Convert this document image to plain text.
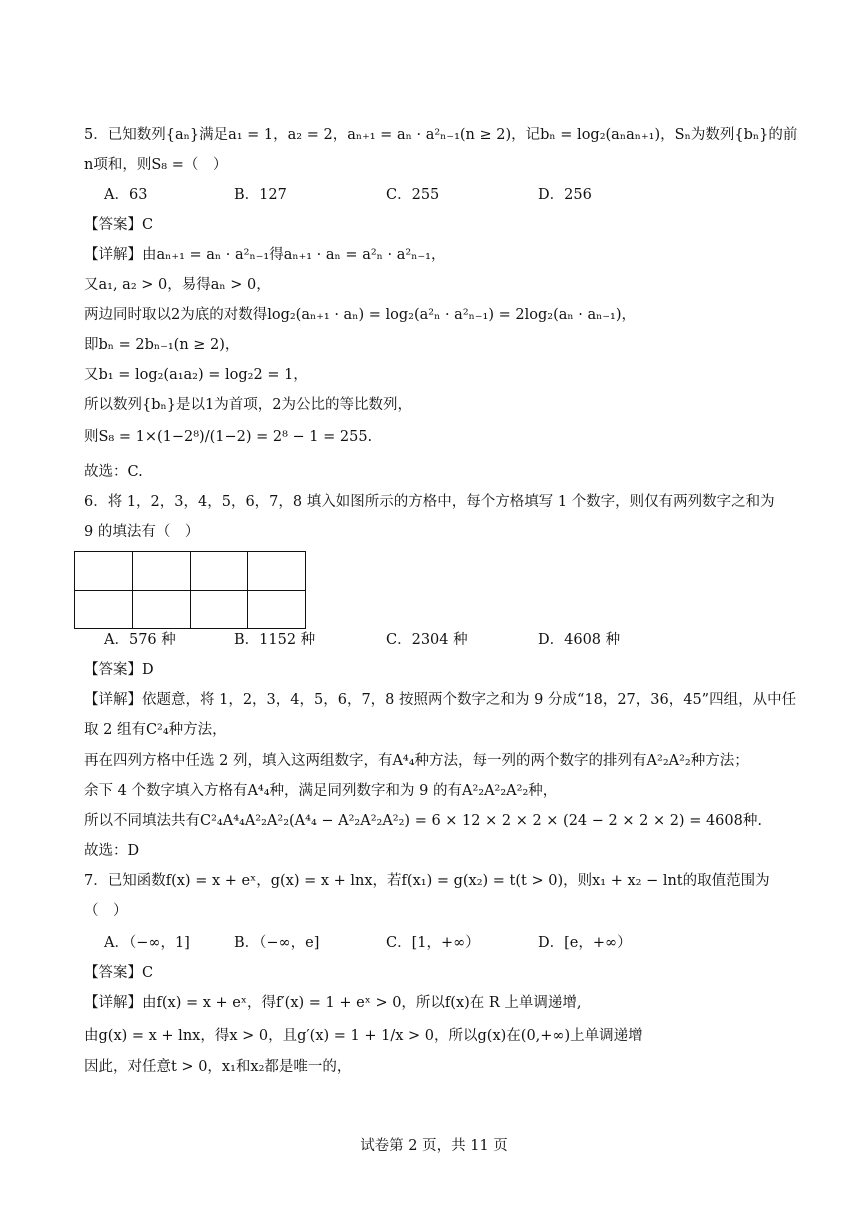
5．已知数列{aₙ}满足a₁ = 1，a₂ = 2，aₙ₊₁ = aₙ · a²ₙ₋₁(n ≥ 2)，记bₙ = log₂(aₙaₙ₊₁)，Sₙ为数列{bₙ}的前
n项和，则S₈ =（　）
A．63	B．127	C．255	D．256
【答案】C
【详解】由aₙ₊₁ = aₙ · a²ₙ₋₁得aₙ₊₁ · aₙ = a²ₙ · a²ₙ₋₁，
又a₁, a₂ > 0，易得aₙ > 0，
两边同时取以2为底的对数得log₂(aₙ₊₁ · aₙ) = log₂(a²ₙ · a²ₙ₋₁) = 2log₂(aₙ · aₙ₋₁)，
即bₙ = 2bₙ₋₁(n ≥ 2)，
又b₁ = log₂(a₁a₂) = log₂2 = 1，
所以数列{bₙ}是以1为首项，2为公比的等比数列，
则S₈ = 1×(1−2⁸)/(1−2) = 2⁸ − 1 = 255.
故选：C.
6．将 1，2，3，4，5，6，7，8 填入如图所示的方格中，每个方格填写 1 个数字，则仅有两列数字之和为
9 的填法有（　）
A．576 种	B．1152 种	C．2304 种	D．4608 种
【答案】D
【详解】依题意，将 1，2，3，4，5，6，7，8 按照两个数字之和为 9 分成“18，27，36，45”四组，从中任
取 2 组有C²₄种方法，
再在四列方格中任选 2 列，填入这两组数字，有A⁴₄种方法，每一列的两个数字的排列有A²₂A²₂种方法；
余下 4 个数字填入方格有A⁴₄种，满足同列数字和为 9 的有A²₂A²₂A²₂种，
所以不同填法共有C²₄A⁴₄A²₂A²₂(A⁴₄ − A²₂A²₂A²₂) = 6 × 12 × 2 × 2 × (24 − 2 × 2 × 2) = 4608种.
故选：D
7．已知函数f(x) = x + eˣ，g(x) = x + lnx，若f(x₁) = g(x₂) = t(t > 0)，则x₁ + x₂ − lnt的取值范围为
（　）
A．（−∞，1]	B．（−∞，e]	C．[1，+∞）	D．[e，+∞）
【答案】C
【详解】由f(x) = x + eˣ，得f′(x) = 1 + eˣ > 0，所以f(x)在 R 上单调递增,
由g(x) = x + lnx，得x > 0，且g′(x) = 1 + 1/x > 0，所以g(x)在(0,+∞)上单调递增
因此，对任意t > 0，x₁和x₂都是唯一的，
试卷第 2 页，共 11 页
